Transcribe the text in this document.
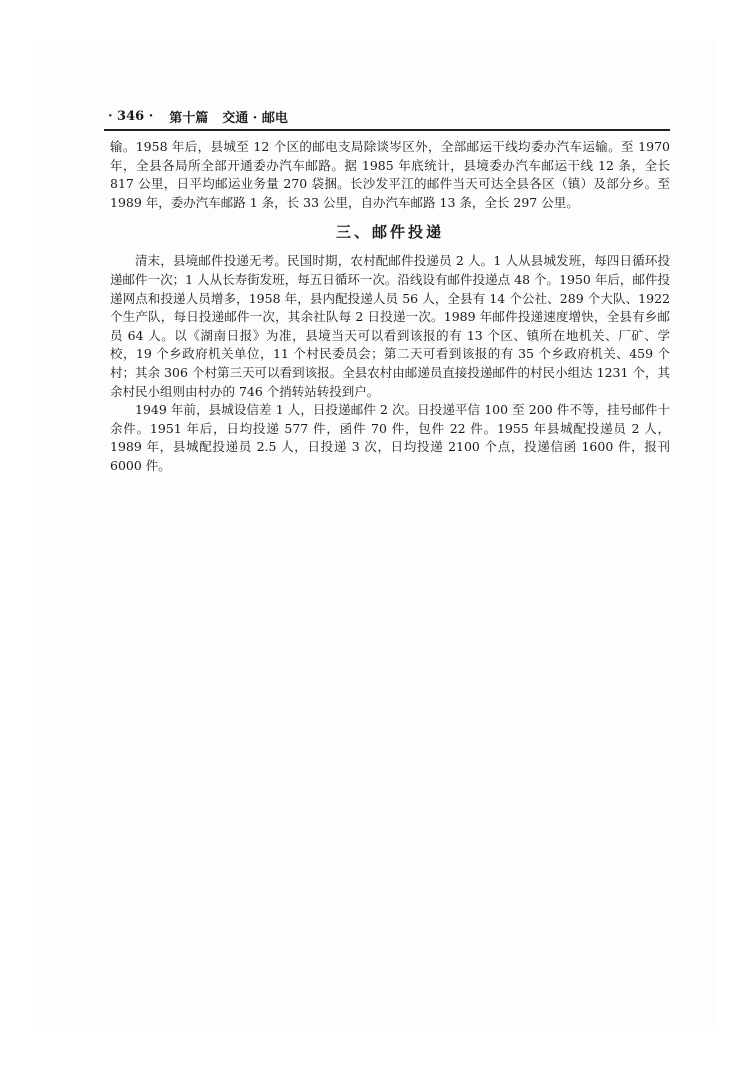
· 346 · 第十篇 交通 · 邮电

输。1958 年后，县城至 12 个区的邮电支局除谈岑区外，全部邮运干线均委办汽车运输。至 1970 年，全县各局所全部开通委办汽车邮路。据 1985 年底统计，县境委办汽车邮运干线 12 条，全长 817 公里，日平均邮运业务量 270 袋捆。长沙发平江的邮件当天可达全县各区（镇）及部分乡。至 1989 年，委办汽车邮路 1 条，长 33 公里，自办汽车邮路 13 条，全长 297 公里。

三、邮件投递

清末，县境邮件投递无考。民国时期，农村配邮件投递员 2 人。1 人从县城发班，每四日循环投递邮件一次；1 人从长寿街发班，每五日循环一次。沿线设有邮件投递点 48 个。1950 年后，邮件投递网点和投递人员增多，1958 年，县内配投递人员 56 人，全县有 14 个公社、289 个大队、1922 个生产队，每日投递邮件一次，其余社队每 2 日投递一次。1989 年邮件投递速度增快，全县有乡邮员 64 人。以《湖南日报》为准，县境当天可以看到该报的有 13 个区、镇所在地机关、厂矿、学校，19 个乡政府机关单位，11 个村民委员会；第二天可看到该报的有 35 个乡政府机关、459 个村；其余 306 个村第三天可以看到该报。全县农村由邮递员直接投递邮件的村民小组达 1231 个，其余村民小组则由村办的 746 个捎转站转投到户。

1949 年前，县城设信差 1 人，日投递邮件 2 次。日投递平信 100 至 200 件不等，挂号邮件十余件。1951 年后，日均投递 577 件，函件 70 件，包件 22 件。1955 年县城配投递员 2 人，1989 年，县城配投递员 2.5 人，日投递 3 次，日均投递 2100 个点，投递信函 1600 件，报刊 6000 件。
